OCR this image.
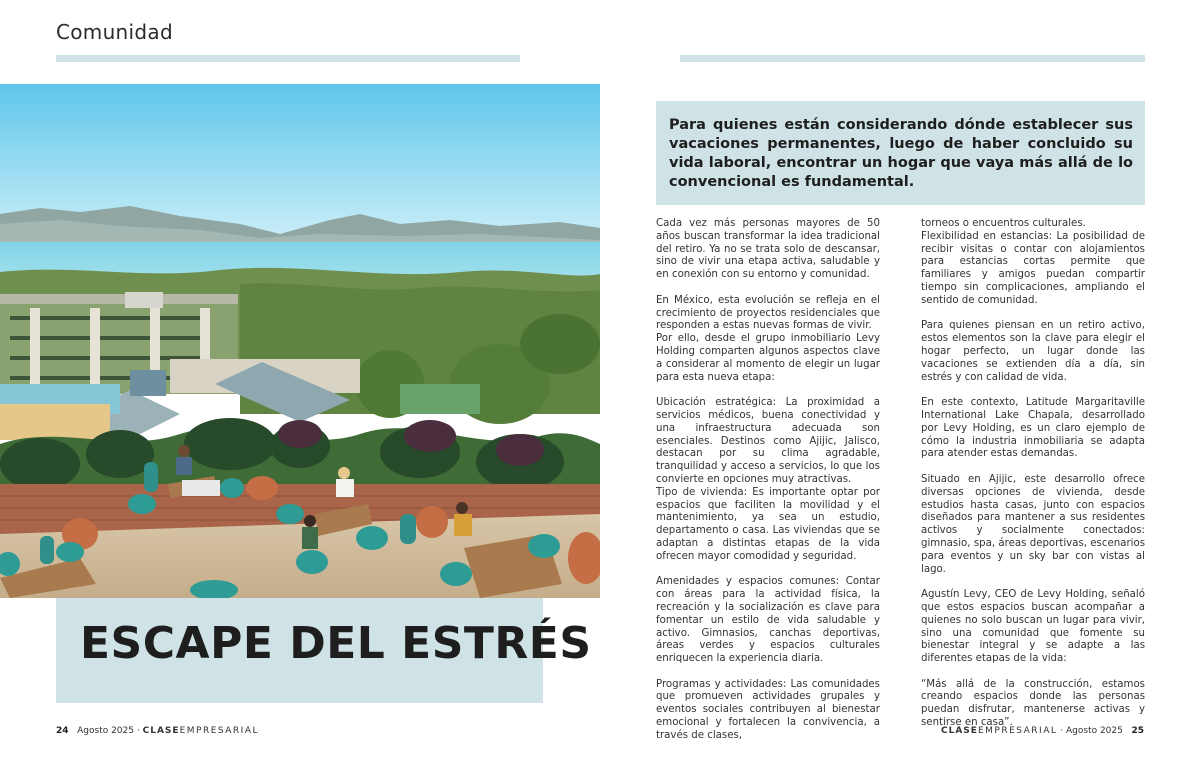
Comunidad
ESCAPE DEL ESTRÉS

Para quienes están considerando dónde establecer sus vacaciones permanentes, luego de haber concluido su vida laboral, encontrar un hogar que vaya más allá de lo convencional es fundamental.

Cada vez más personas mayores de 50 años buscan transformar la idea tradicional del retiro. Ya no se trata solo de descansar, sino de vivir una etapa activa, saludable y en conexión con su entorno y comunidad.

En México, esta evolución se refleja en el crecimiento de proyectos residenciales que responden a estas nuevas formas de vivir.

Por ello, desde el grupo inmobiliario Levy Holding comparten algunos aspectos clave a considerar al momento de elegir un lugar para esta nueva etapa:

Ubicación estratégica: La proximidad a servicios médicos, buena conectividad y una infraestructura adecuada son esenciales. Destinos como Ajijic, Jalisco, destacan por su clima agradable, tranquilidad y acceso a servicios, lo que los convierte en opciones muy atractivas.

Tipo de vivienda: Es importante optar por espacios que faciliten la movilidad y el mantenimiento, ya sea un estudio, departamento o casa. Las viviendas que se adaptan a distintas etapas de la vida ofrecen mayor comodidad y seguridad.

Amenidades y espacios comunes: Contar con áreas para la actividad física, la recreación y la socialización es clave para fomentar un estilo de vida saludable y activo. Gimnasios, canchas deportivas, áreas verdes y espacios culturales enriquecen la experiencia diaria.

Programas y actividades: Las comunidades que promueven actividades grupales y eventos sociales contribuyen al bienestar emocional y fortalecen la convivencia, a través de clases,

torneos o encuentros culturales.

Flexibilidad en estancias: La posibilidad de recibir visitas o contar con alojamientos para estancias cortas permite que familiares y amigos puedan compartir tiempo sin complicaciones, ampliando el sentido de comunidad.

Para quienes piensan en un retiro activo, estos elementos son la clave para elegir el hogar perfecto, un lugar donde las vacaciones se extienden día a día, sin estrés y con calidad de vida.

En este contexto, Latitude Margaritaville International Lake Chapala, desarrollado por Levy Holding, es un claro ejemplo de cómo la industria inmobiliaria se adapta para atender estas demandas.

Situado en Ajijic, este desarrollo ofrece diversas opciones de vivienda, desde estudios hasta casas, junto con espacios diseñados para mantener a sus residentes activos y socialmente conectados: gimnasio, spa, áreas deportivas, escenarios para eventos y un sky bar con vistas al lago.

Agustín Levy, CEO de Levy Holding, señaló que estos espacios buscan acompañar a quienes no solo buscan un lugar para vivir, sino una comunidad que fomente su bienestar integral y se adapte a las diferentes etapas de la vida:

“Más allá de la construcción, estamos creando espacios donde las personas puedan disfrutar, mantenerse activas y sentirse en casa”.

24 Agosto 2025 · CLASEEMPRESARIAL	CLASEEMPRESARIAL · Agosto 2025 25
